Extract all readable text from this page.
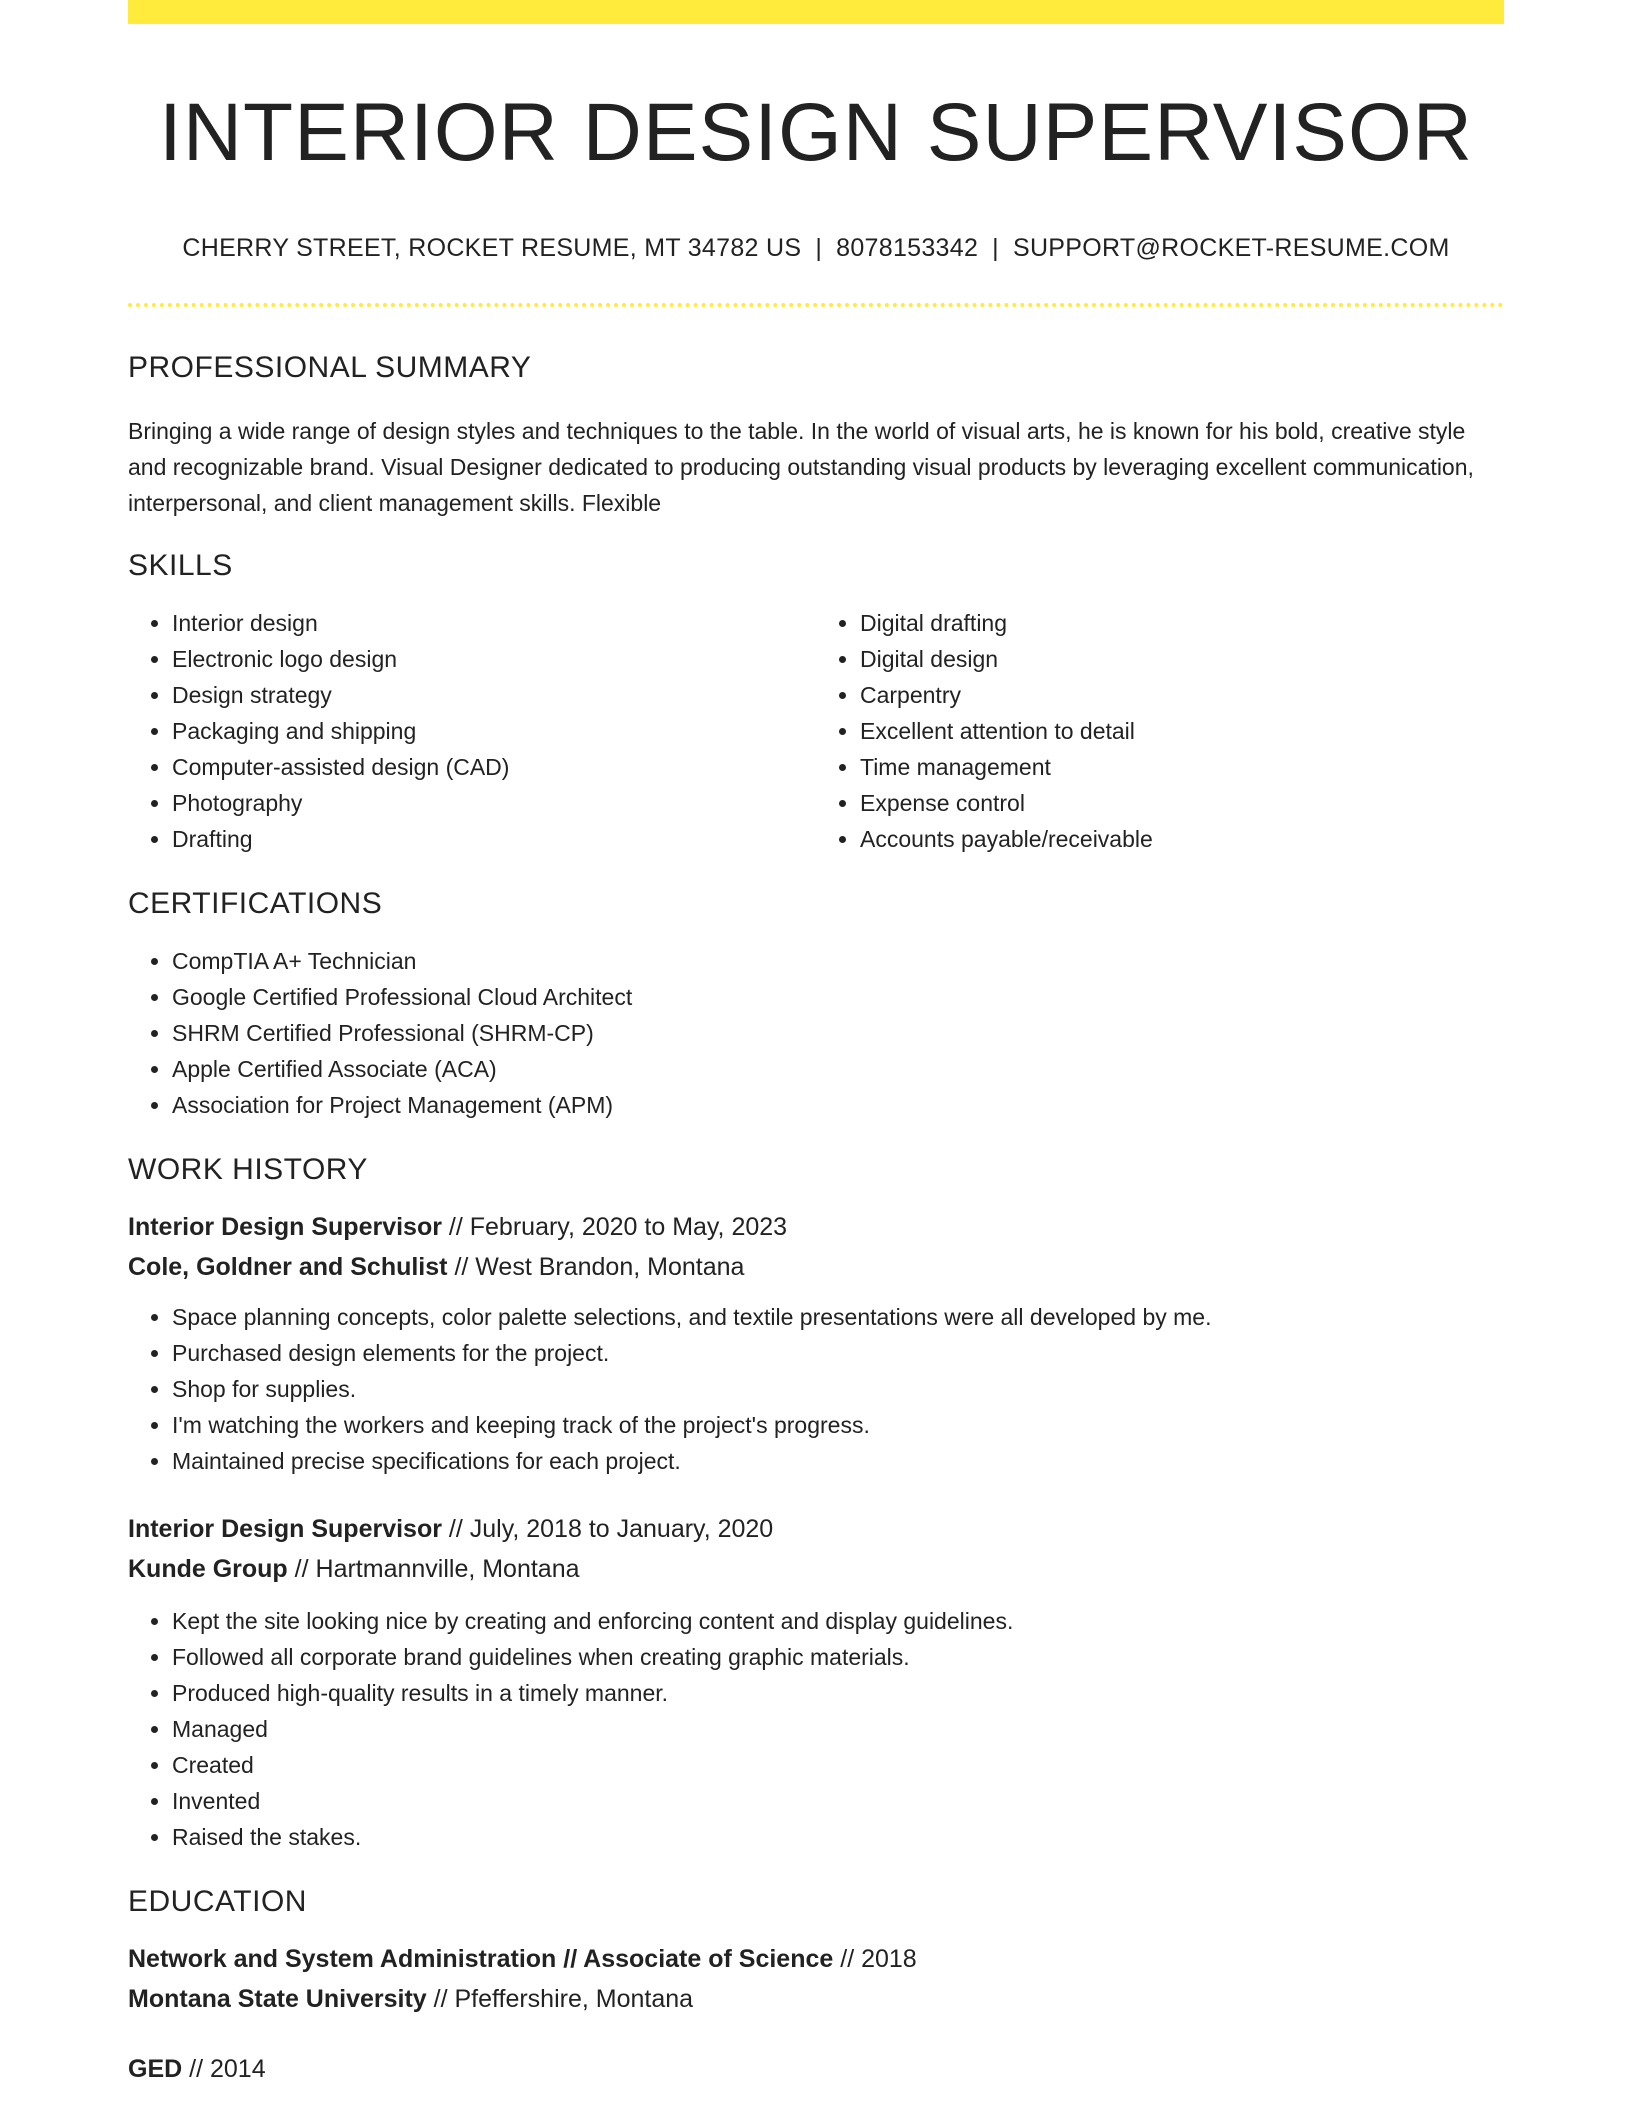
INTERIOR DESIGN SUPERVISOR
CHERRY STREET, ROCKET RESUME, MT 34782 US | 8078153342 | SUPPORT@ROCKET-RESUME.COM
PROFESSIONAL SUMMARY

Bringing a wide range of design styles and techniques to the table. In the world of visual arts, he is known for his bold, creative style and recognizable brand. Visual Designer dedicated to producing outstanding visual products by leveraging excellent communication, interpersonal, and client management skills. Flexible

SKILLS
• Interior design
• Electronic logo design
• Design strategy
• Packaging and shipping
• Computer-assisted design (CAD)
• Photography
• Drafting
• Digital drafting
• Digital design
• Carpentry
• Excellent attention to detail
• Time management
• Expense control
• Accounts payable/receivable
CERTIFICATIONS
• CompTIA A+ Technician
• Google Certified Professional Cloud Architect
• SHRM Certified Professional (SHRM-CP)
• Apple Certified Associate (ACA)
• Association for Project Management (APM)
WORK HISTORY
Interior Design Supervisor // February, 2020 to May, 2023
Cole, Goldner and Schulist // West Brandon, Montana
• Space planning concepts, color palette selections, and textile presentations were all developed by me.
• Purchased design elements for the project.
• Shop for supplies.
• I'm watching the workers and keeping track of the project's progress.
• Maintained precise specifications for each project.
Interior Design Supervisor // July, 2018 to January, 2020
Kunde Group // Hartmannville, Montana
• Kept the site looking nice by creating and enforcing content and display guidelines.
• Followed all corporate brand guidelines when creating graphic materials.
• Produced high-quality results in a timely manner.
• Managed
• Created
• Invented
• Raised the stakes.
EDUCATION
Network and System Administration // Associate of Science // 2018
Montana State University // Pfeffershire, Montana
GED // 2014
